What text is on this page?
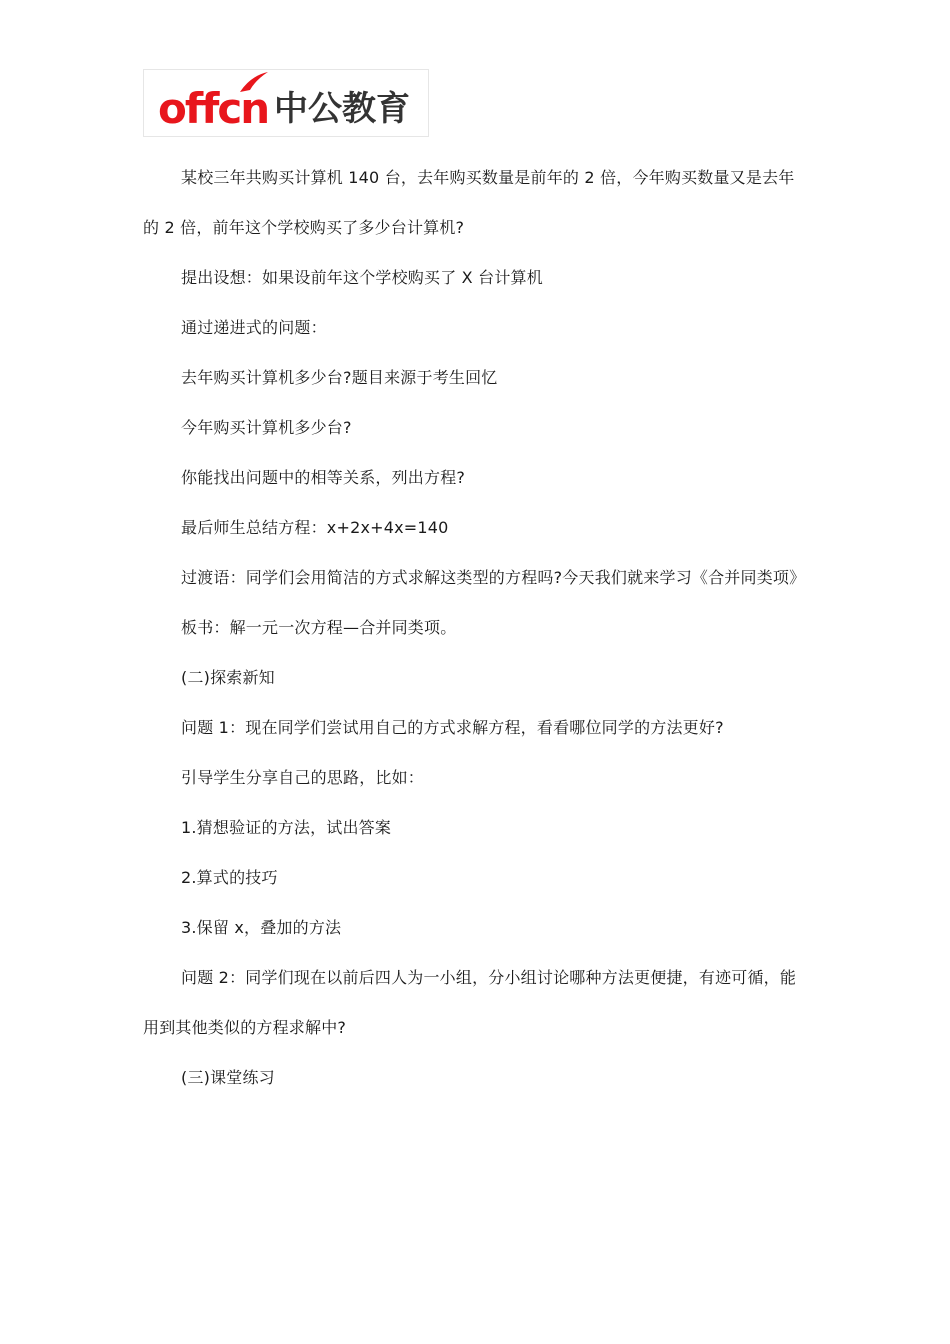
offcn 中公教育

某校三年共购买计算机 140 台，去年购买数量是前年的 2 倍，今年购买数量又是去年的 2 倍，前年这个学校购买了多少台计算机?

提出设想：如果设前年这个学校购买了 X 台计算机

通过递进式的问题：

去年购买计算机多少台?题目来源于考生回忆

今年购买计算机多少台?

你能找出问题中的相等关系，列出方程?

最后师生总结方程：x+2x+4x=140

过渡语：同学们会用简洁的方式求解这类型的方程吗?今天我们就来学习《合并同类项》

板书：解一元一次方程—合并同类项。

(二)探索新知

问题 1：现在同学们尝试用自己的方式求解方程，看看哪位同学的方法更好?

引导学生分享自己的思路，比如：

1.猜想验证的方法，试出答案

2.算式的技巧

3.保留 x，叠加的方法

问题 2：同学们现在以前后四人为一小组，分小组讨论哪种方法更便捷，有迹可循，能用到其他类似的方程求解中?

(三)课堂练习
